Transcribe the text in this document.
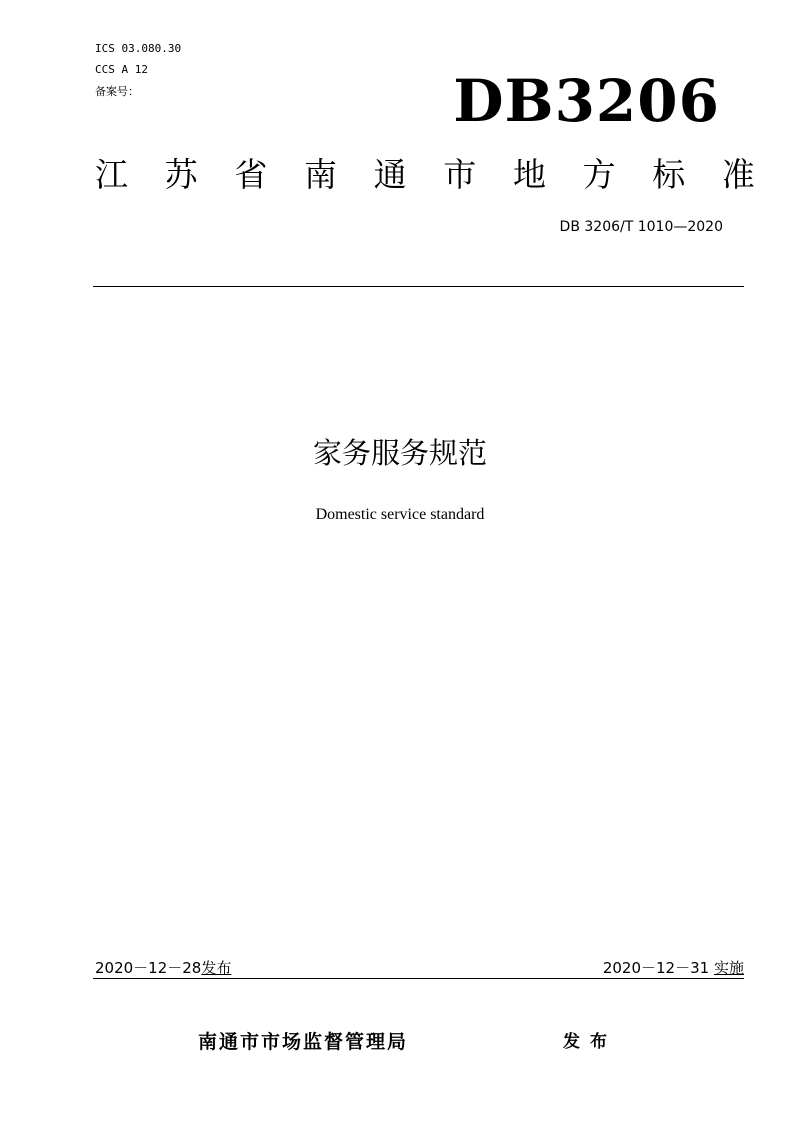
ICS 03.080.30
CCS A 12
备案号：	DB3206
江 苏 省 南 通 市 地 方 标 准
DB 3206/T 1010—2020
家务服务规范
Domestic service standard
2020－12－28发布	2020－12－31 实施
南通市市场监督管理局	发布
